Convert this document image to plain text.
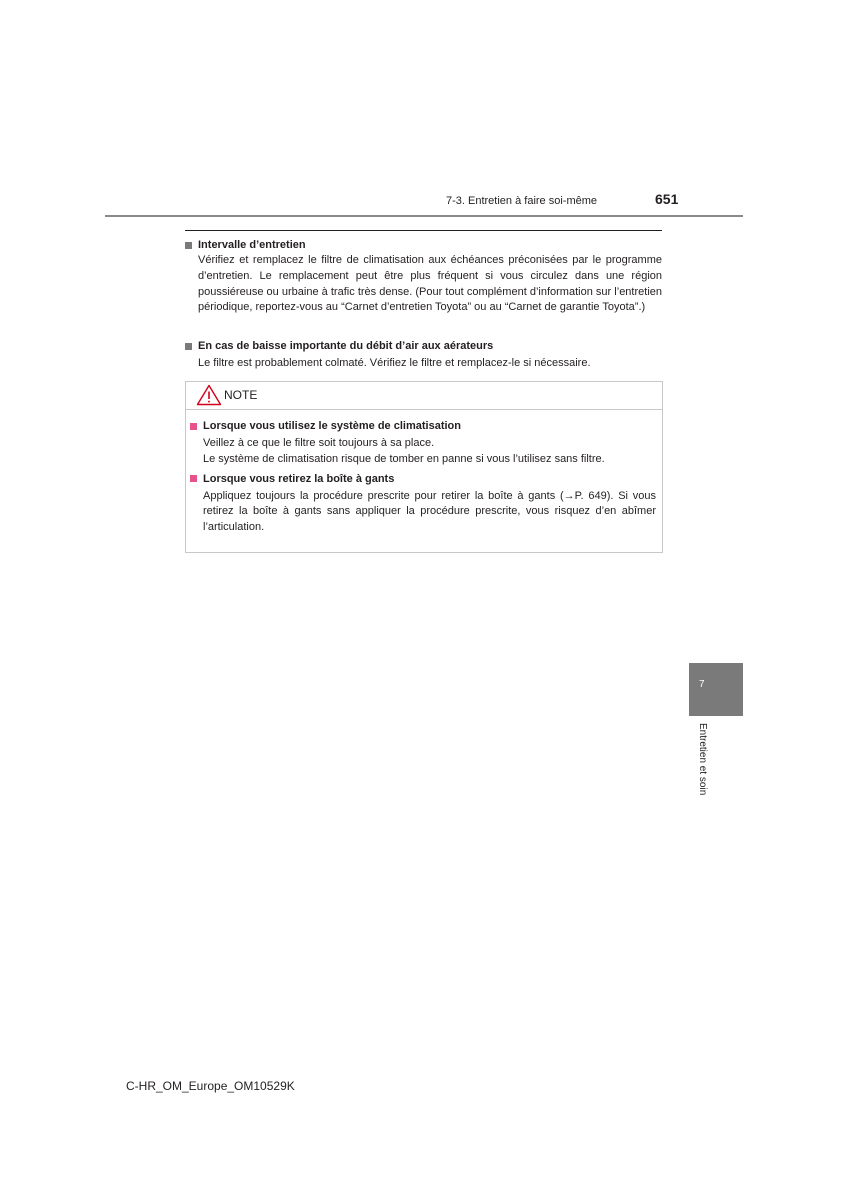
7-3. Entretien à faire soi-même	651
Intervalle d’entretien
Vérifiez et remplacez le filtre de climatisation aux échéances préconisées par le programme d’entretien. Le remplacement peut être plus fréquent si vous circulez dans une région poussiéreuse ou urbaine à trafic très dense. (Pour tout complément d’information sur l’entretien périodique, reportez-vous au “Carnet d’entretien Toyota” ou au “Carnet de garantie Toyota”.)
En cas de baisse importante du débit d’air aux aérateurs
Le filtre est probablement colmaté. Vérifiez le filtre et remplacez-le si nécessaire.
NOTE
Lorsque vous utilisez le système de climatisation
Veillez à ce que le filtre soit toujours à sa place.
Le système de climatisation risque de tomber en panne si vous l’utilisez sans filtre.
Lorsque vous retirez la boîte à gants
Appliquez toujours la procédure prescrite pour retirer la boîte à gants (→P. 649). Si vous retirez la boîte à gants sans appliquer la procédure prescrite, vous risquez d’en abîmer l’articulation.
7
Entretien et soin
C-HR_OM_Europe_OM10529K
